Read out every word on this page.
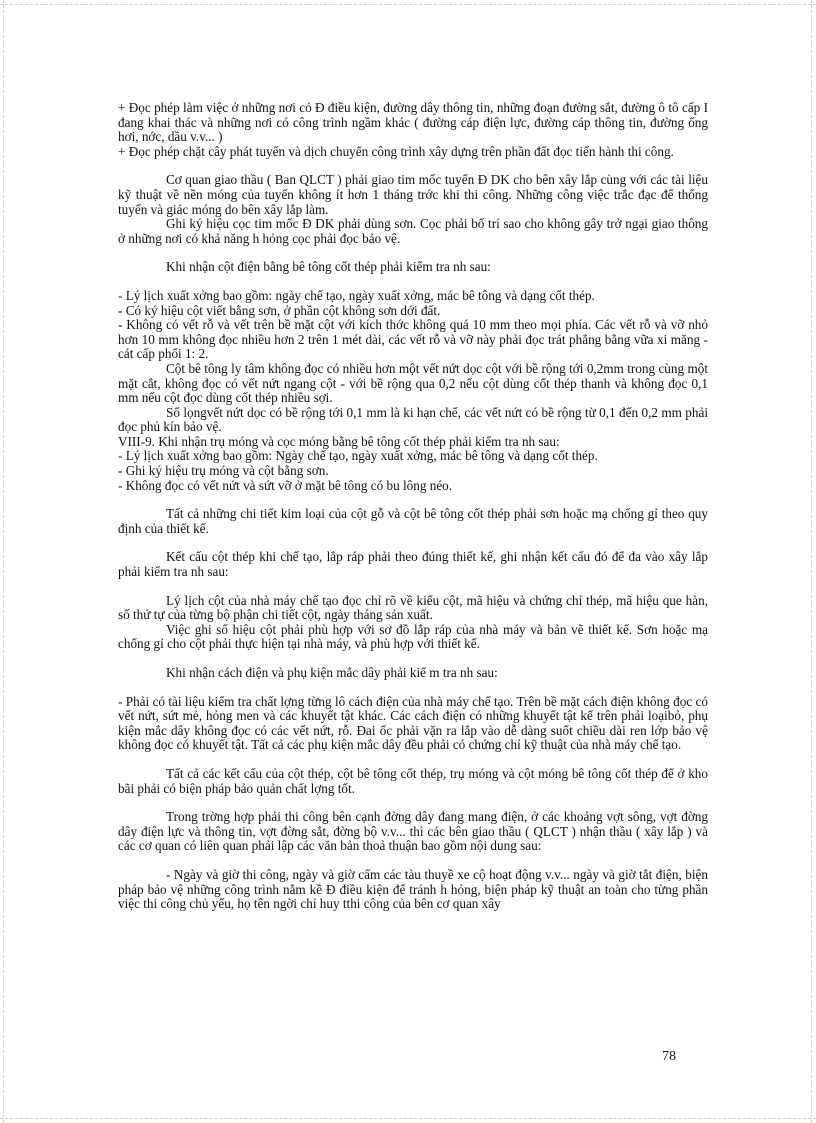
+ Đọc phép làm việc ở những nơi có Đ điều kiện, đường dây thông tin, những đoạn đường sắt, đường ô tô cấp I đang khai thác và những nơi có công trình ngầm khác ( đường cáp điện lực, đường cáp thông tin, đường ống hơi, nớc, dầu v.v... )

+ Đọc phép chặt cây phát tuyến và dịch chuyển công trình xây dựng trên phần đất đọc tiến hành thi công.

Cơ quan giao thầu ( Ban QLCT ) phải giao tim mốc tuyến Đ DK cho bên xây lắp cùng với các tài liệu kỹ thuật về nền móng của tuyến không ít hơn 1 tháng trớc khi thi công. Những công việc trắc đạc để thống tuyến và giác móng do bên xây lắp làm.

Ghi ký hiệu cọc tim mốc Đ DK phải dùng sơn. Cọc phải bố trí sao cho không gây trở ngại giao thông ở những nơi có khả năng h hỏng cọc phải đọc bảo vệ.

Khi nhận cột điện bằng bê tông cốt thép phải kiểm tra nh sau:

- Lý lịch xuất xởng bao gồm: ngày chế tạo, ngày xuất xởng, mác bê tông và dạng cốt thép.

- Có ký hiệu cột viết bằng sơn, ở phần cột không sơn dới đất.

- Không có vết rỗ và vết trên bề mặt cột với kích thớc không quá 10 mm theo mọi phía. Các vết rỗ và vỡ nhỏ hơn 10 mm không đọc nhiều hơn 2 trên 1 mét dài, các vết rỗ và vỡ này phải đọc trát phẳng bằng vữa xi măng - cát cấp phối 1: 2.

Cột bê tông ly tâm không đọc có nhiều hơn một vết nứt dọc cột với bề rộng tới 0,2mm trong cùng một mặt cắt, không đọc có vết nứt ngang cột - với bề rộng qua 0,2 nếu cột dùng cốt thép thanh và không đọc 0,1 mm nếu cột đọc dùng cốt thép nhiều sợi.

Số lọngvết nứt dọc có bề rộng tới 0,1 mm là ki hạn chế, các vết nứt có bề rộng từ 0,1 đến 0,2 mm phải đọc phủ kín bảo vệ.

VIII-9. Khi nhận trụ móng và cọc móng bằng bê tông cốt thép phải kiểm tra nh sau:

- Lý lịch xuất xởng bao gồm: Ngày chế tạo, ngày xuất xởng, mác bê tông và dạng cốt thép.

- Ghi ký hiệu trụ móng và cột bằng sơn.

- Không đọc có vết nứt và sứt vỡ ở mặt bê tông có bu lông néo.

Tất cả những chi tiết kim loại của cột gỗ và cột bê tông cốt thép phải sơn hoặc mạ chống gỉ theo quy định của thiết kế.

Kết cấu cột thép khi chế tạo, lắp ráp phải theo đúng thiết kế, ghi nhận kết cấu đó để đa vào xây lắp phải kiểm tra nh sau:

Lý lịch cột của nhà máy chế tạo đọc chỉ rõ về kiểu cột, mã hiệu và chứng chỉ thép, mã hiệu que hàn, số thứ tự của từng bộ phận chi tiết cột, ngày tháng sản xuất.

Việc ghi số hiệu cột phải phù hợp với sơ đồ lắp ráp của nhà máy và bản vẽ thiết kế. Sơn hoặc mạ chống gỉ cho cột phải thực hiện tại nhà máy, và phù hợp với thiết kế.

Khi nhận cách điện và phụ kiện mắc dây phải kiể m tra nh sau:

- Phải có tài liệu kiểm tra chất lợng từng lô cách điện của nhà máy chế tạo. Trên bề mặt cách điện không đọc có vết nứt, sứt mẻ, hỏng men và các khuyết tật khác. Các cách điện có những khuyết tật kể trên phải loạibỏ, phụ kiện mắc dây không đọc có các vết nứt, rỗ. Đai ốc phải vặn ra lắp vào dễ dàng suốt chiều dài ren lớp bảo vệ không đọc có khuyết tật. Tất cả các phụ kiện mắc dây đều phải có chứng chỉ kỹ thuật của nhà máy chế tạo.

Tất cả các kết cấu của cột thép, cột bê tông cốt thép, trụ móng và cột móng bê tông cốt thép để ở kho bãi phải có biện pháp bảo quản chất lợng tốt.

Trong trờng hợp phải thi công bên cạnh đờng dây đang mang điện, ở các khoảng vợt sông, vợt đờng dây điện lực và thông tin, vợt đờng sắt, đờng bộ v.v... thì các bên giao thầu ( QLCT ) nhận thầu ( xây lắp ) và các cơ quan có liên quan phải lập các văn bản thoả thuận bao gồm nội dung sau:

- Ngày và giờ thi công, ngày và giờ cấm các tàu thuyề xe cộ hoạt động v.v... ngày và giờ tắt điện, biện pháp bảo vệ những công trình nằm kề Đ điều kiện để tránh h hỏng, biện pháp kỹ thuật an toàn cho từng phần việc thi công chủ yếu, họ tên ngời chỉ huy tthi công của bên cơ quan xây

78
